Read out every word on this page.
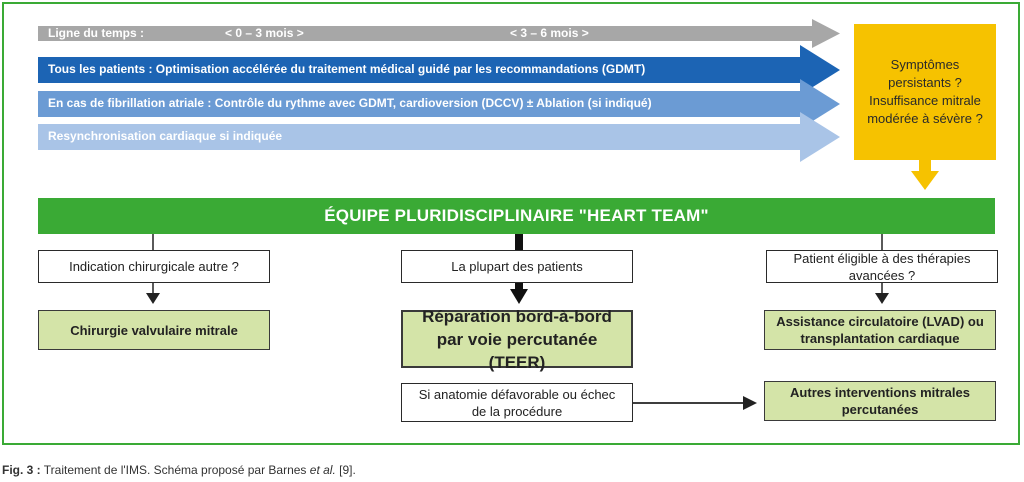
Ligne du temps :	< 0 – 3 mois >	< 3 – 6 mois >
Tous les patients : Optimisation accélérée du traitement médical guidé par les recommandations (GDMT)
En cas de fibrillation atriale : Contrôle du rythme avec GDMT, cardioversion (DCCV) ± Ablation (si indiqué)
Resynchronisation cardiaque si indiquée
Symptômes persistants ? Insuffisance mitrale modérée à sévère ?
ÉQUIPE PLURIDISCIPLINAIRE "HEART TEAM"
Indication chirurgicale autre ?	La plupart des patients
Patient éligible à des thérapies avancées ?
Chirurgie valvulaire mitrale
Réparation bord-à-bord par voie percutanée (TEER)
Assistance circulatoire (LVAD) ou transplantation cardiaque
Si anatomie défavorable ou échec de la procédure
Autres interventions mitrales percutanées
Fig. 3 : Traitement de l'IMS. Schéma proposé par Barnes et al. [9].
